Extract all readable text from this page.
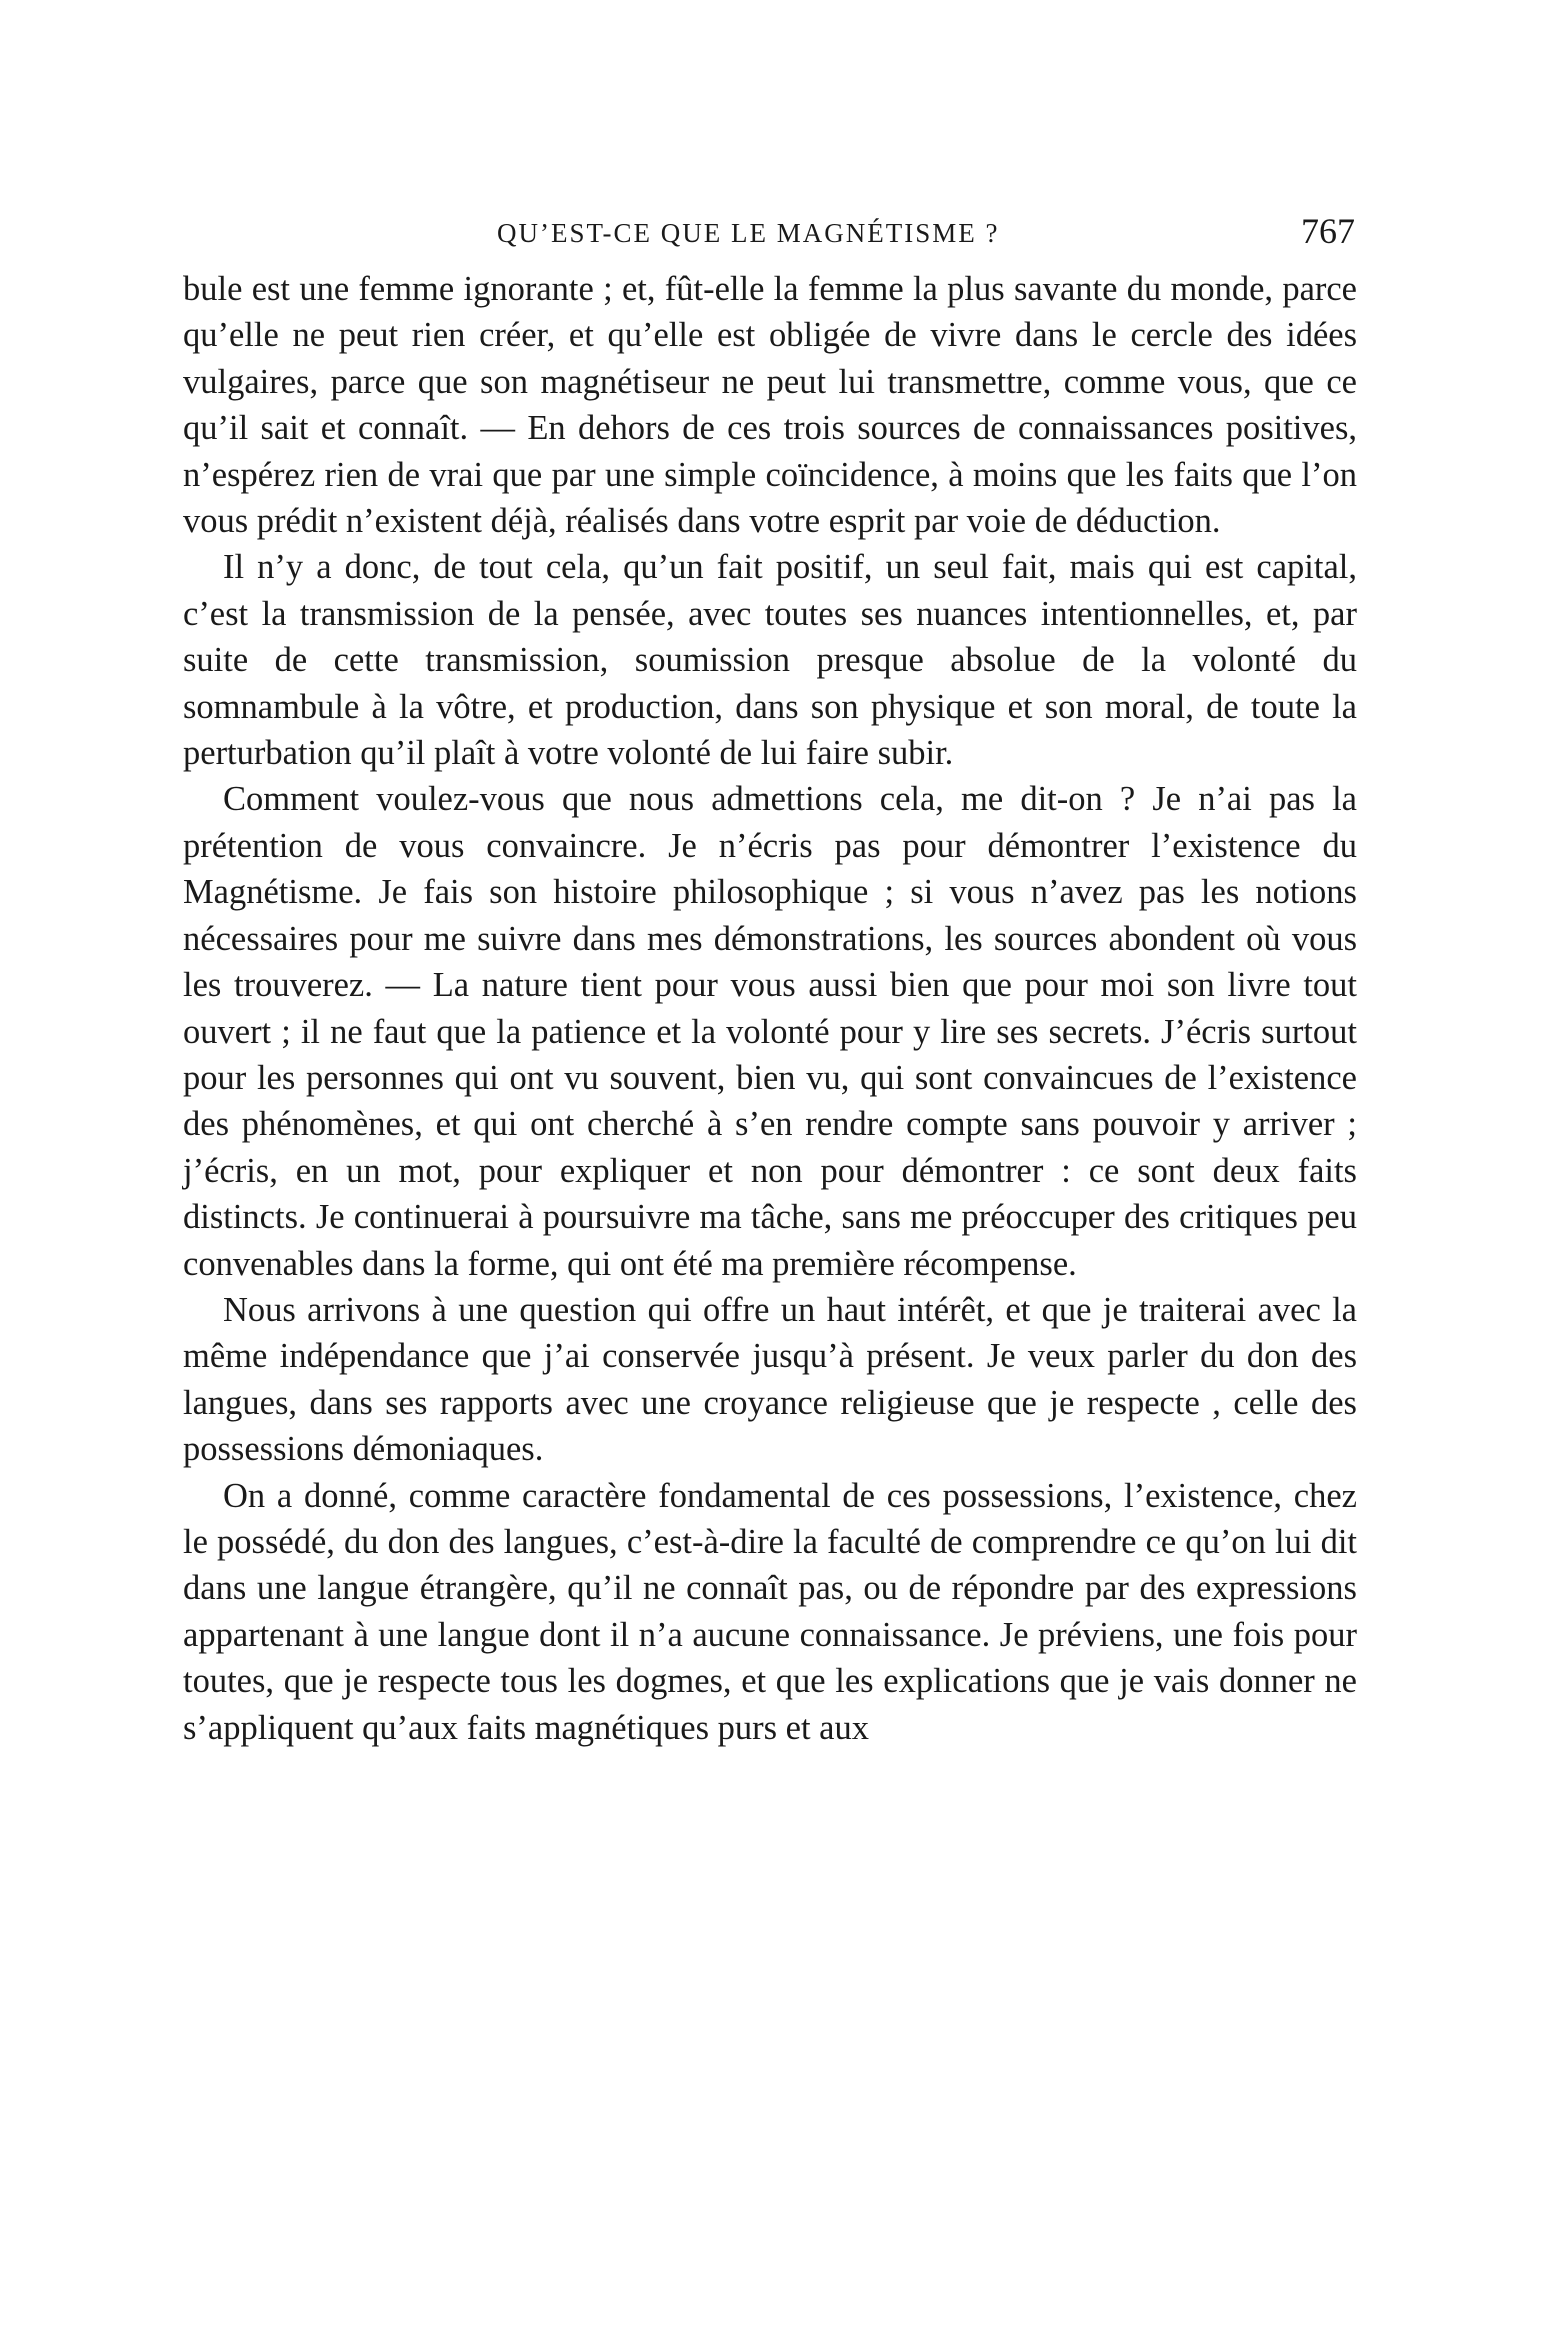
QU’EST-CE QUE LE MAGNÉTISME ?	767

bule est une femme ignorante ; et, fût-elle la femme la plus savante du monde, parce qu’elle ne peut rien créer, et qu’elle est obligée de vivre dans le cercle des idées vulgaires, parce que son magnétiseur ne peut lui transmettre, comme vous, que ce qu’il sait et connaît. — En dehors de ces trois sources de connaissances positives, n’espérez rien de vrai que par une simple coïncidence, à moins que les faits que l’on vous prédit n’existent déjà, réalisés dans votre esprit par voie de déduction.

Il n’y a donc, de tout cela, qu’un fait positif, un seul fait, mais qui est capital, c’est la transmission de la pensée, avec toutes ses nuances intentionnelles, et, par suite de cette transmission, soumission presque absolue de la volonté du somnambule à la vôtre, et production, dans son physique et son moral, de toute la perturbation qu’il plaît à votre volonté de lui faire subir.

Comment voulez-vous que nous admettions cela, me dit-on ? Je n’ai pas la prétention de vous convaincre. Je n’écris pas pour démontrer l’existence du Magnétisme. Je fais son histoire philosophique ; si vous n’avez pas les notions nécessaires pour me suivre dans mes démonstrations, les sources abondent où vous les trouverez. — La nature tient pour vous aussi bien que pour moi son livre tout ouvert ; il ne faut que la patience et la volonté pour y lire ses secrets. J’écris surtout pour les personnes qui ont vu souvent, bien vu, qui sont convaincues de l’existence des phénomènes, et qui ont cherché à s’en rendre compte sans pouvoir y arriver ; j’écris, en un mot, pour expliquer et non pour démontrer : ce sont deux faits distincts. Je continuerai à poursuivre ma tâche, sans me préoccuper des critiques peu convenables dans la forme, qui ont été ma première récompense.

Nous arrivons à une question qui offre un haut intérêt, et que je traiterai avec la même indépendance que j’ai conservée jusqu’à présent. Je veux parler du don des langues, dans ses rapports avec une croyance religieuse que je respecte , celle des possessions démoniaques.

On a donné, comme caractère fondamental de ces possessions, l’existence, chez le possédé, du don des langues, c’est-à-dire la faculté de comprendre ce qu’on lui dit dans une langue étrangère, qu’il ne connaît pas, ou de répondre par des expressions appartenant à une langue dont il n’a aucune connaissance. Je préviens, une fois pour toutes, que je respecte tous les dogmes, et que les explications que je vais donner ne s’appliquent qu’aux faits magnétiques purs et aux
